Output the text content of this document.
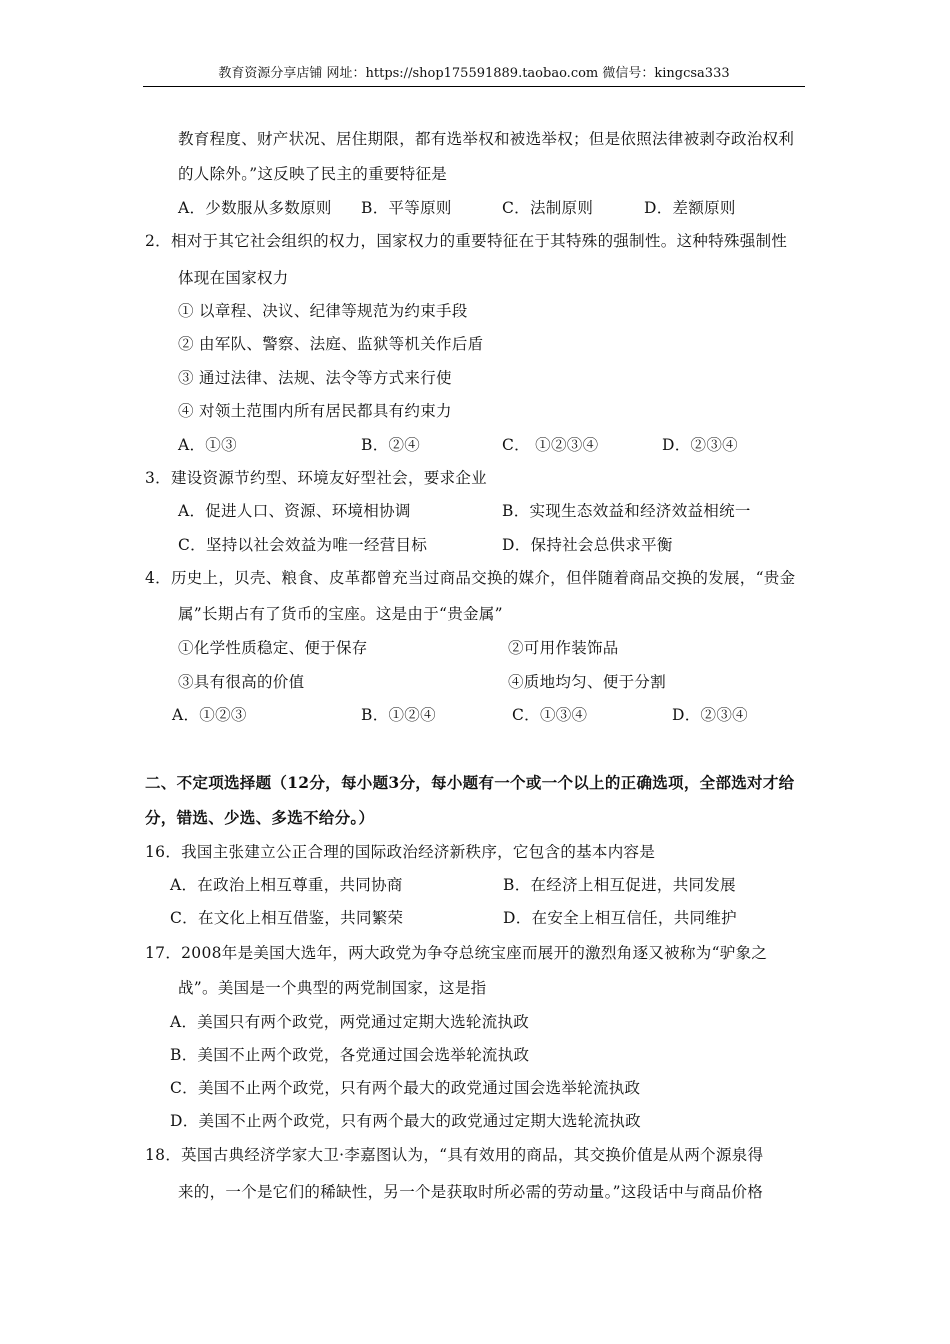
教育资源分享店铺 网址：https://shop175591889.taobao.com 微信号：kingcsa333
教育程度、财产状况、居住期限，都有选举权和被选举权；但是依照法律被剥夺政治权利
的人除外。”这反映了民主的重要特征是
A．少数服从多数原则 B．平等原则	C．法制原则	D．差额原则
2．相对于其它社会组织的权力，国家权力的重要特征在于其特殊的强制性。这种特殊强制性
体现在国家权力
① 以章程、决议、纪律等规范为约束手段
② 由军队、警察、法庭、监狱等机关作后盾
③ 通过法律、法规、法令等方式来行使
④ 对领土范围内所有居民都具有约束力
A．①③	B．②④	C． ①②③④	D．②③④
3．建设资源节约型、环境友好型社会，要求企业
A．促进人口、资源、环境相协调	B．实现生态效益和经济效益相统一
C．坚持以社会效益为唯一经营目标	D．保持社会总供求平衡
4．历史上，贝壳、粮食、皮革都曾充当过商品交换的媒介，但伴随着商品交换的发展，“贵金
属”长期占有了货币的宝座。这是由于“贵金属”
①化学性质稳定、便于保存	②可用作装饰品
③具有很高的价值	④质地均匀、便于分割
A．①②③	B．①②④	C．①③④	D．②③④
二、不定项选择题（12分，每小题3分，每小题有一个或一个以上的正确选项，全部选对才给
分，错选、少选、多选不给分。）
16．我国主张建立公正合理的国际政治经济新秩序，它包含的基本内容是
A．在政治上相互尊重，共同协商	B．在经济上相互促进，共同发展
C．在文化上相互借鉴，共同繁荣	D．在安全上相互信任，共同维护
17．2008年是美国大选年，两大政党为争夺总统宝座而展开的激烈角逐又被称为“驴象之
战”。美国是一个典型的两党制国家，这是指
A．美国只有两个政党，两党通过定期大选轮流执政
B．美国不止两个政党，各党通过国会选举轮流执政
C．美国不止两个政党，只有两个最大的政党通过国会选举轮流执政
D．美国不止两个政党，只有两个最大的政党通过定期大选轮流执政
18．英国古典经济学家大卫·李嘉图认为，“具有效用的商品，其交换价值是从两个源泉得
来的，一个是它们的稀缺性，另一个是获取时所必需的劳动量。”这段话中与商品价格
